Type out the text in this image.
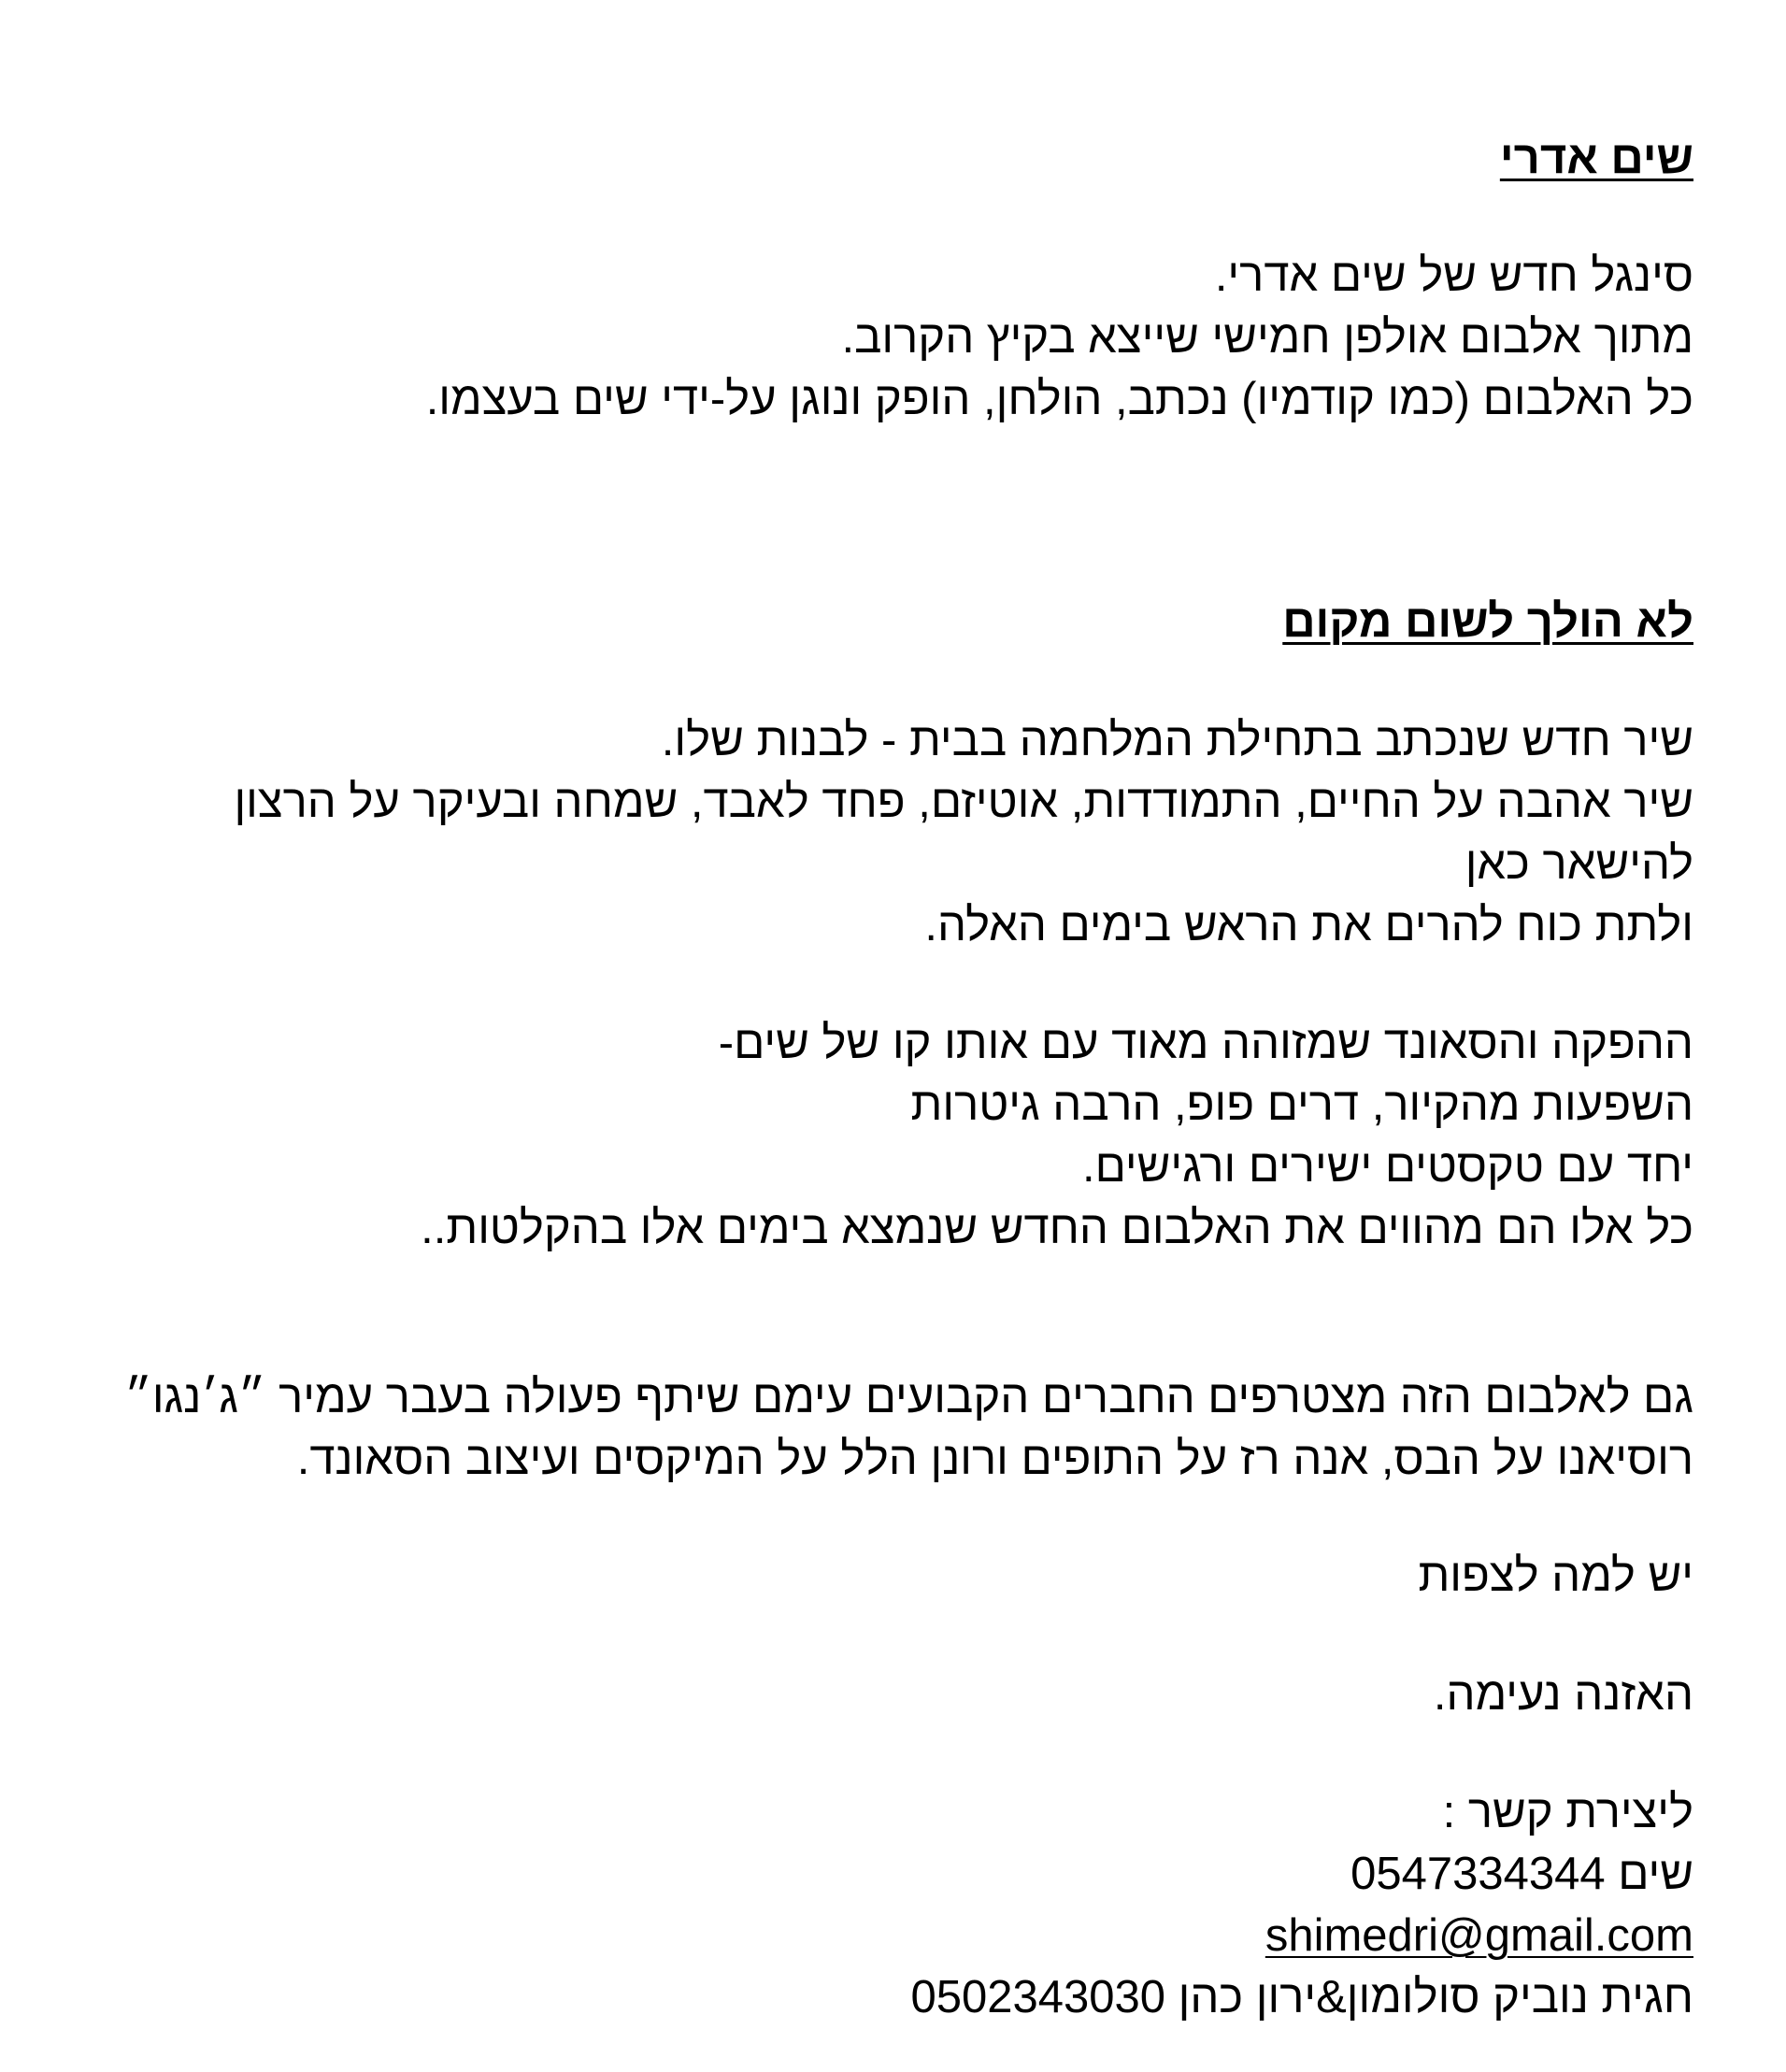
שים אדרי
סינגל חדש של שים אדרי.
מתוך אלבום אולפן חמישי שייצא בקיץ הקרוב.
כל האלבום (כמו קודמיו) נכתב, הולחן, הופק ונוגן על-ידי שים בעצמו.
לא הולך לשום מקום
שיר חדש שנכתב בתחילת המלחמה בבית - לבנות שלו.
שיר אהבה על החיים, התמודדות, אוטיזם, פחד לאבד, שמחה ובעיקר על הרצון
להישאר כאן
ולתת כוח להרים את הראש בימים האלה.
ההפקה והסאונד שמזוהה מאוד עם אותו קו של שים-
השפעות מהקיור, דרים פופ, הרבה גיטרות
יחד עם טקסטים ישירים ורגישים.
כל אלו הם מהווים את האלבום החדש שנמצא בימים אלו בהקלטות..
גם לאלבום הזה מצטרפים החברים הקבועים עימם שיתף פעולה בעבר עמיר ״ג׳נגו״
רוסיאנו על הבס, אנה רז על התופים ורונן הלל על המיקסים ועיצוב הסאונד.
יש למה לצפות
האזנה נעימה.
ליצירת קשר :
שים 0547334344
shimedri@gmail.com
חגית נוביק סולומון&ירון כהן 0502343030
